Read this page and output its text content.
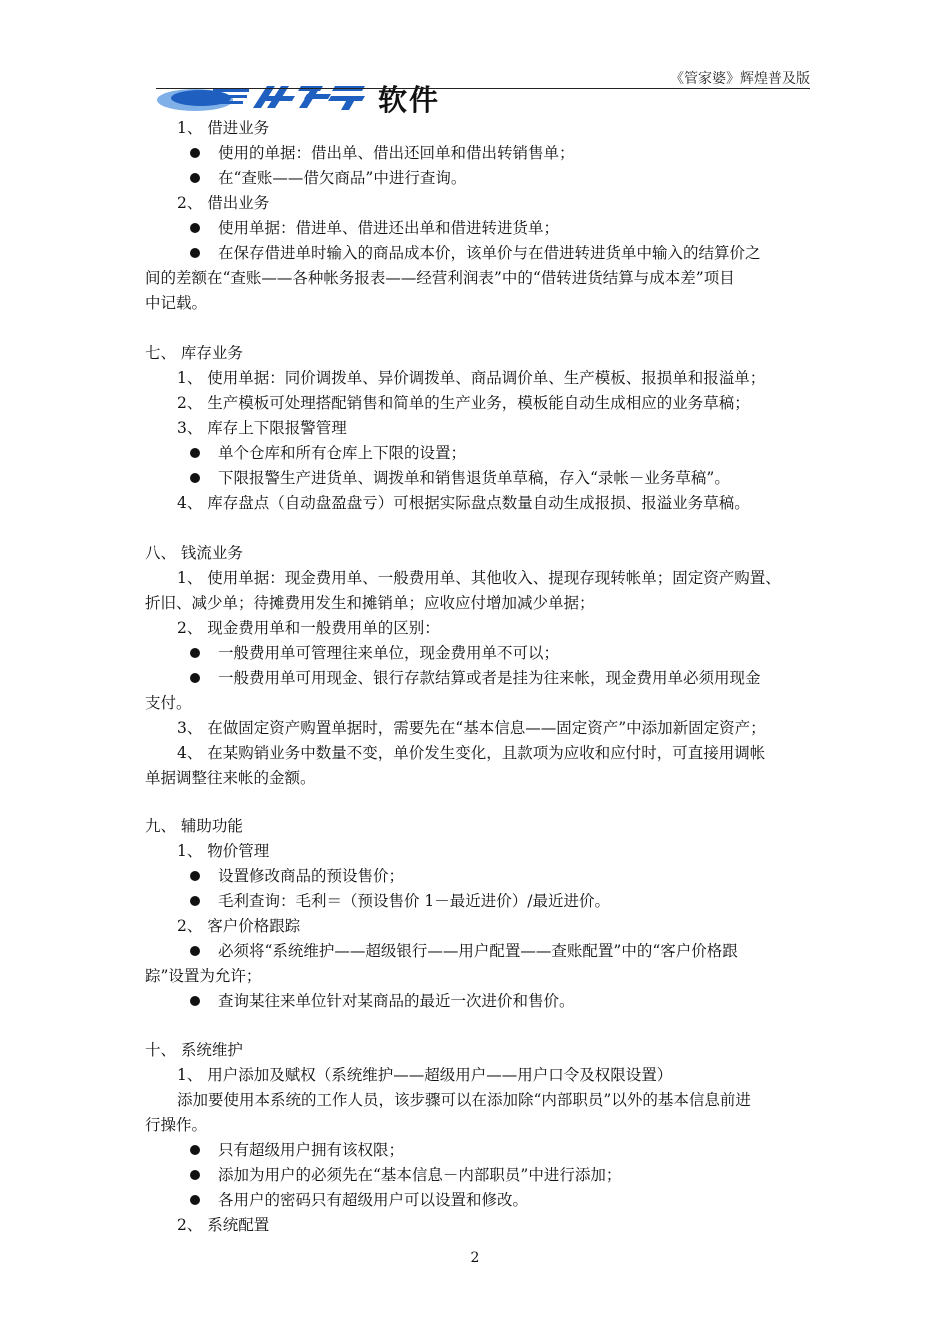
软件
《管家婆》辉煌普及版
1、 借进业务
使用的单据：借出单、借出还回单和借出转销售单；
在“查账——借欠商品”中进行查询。
2、 借出业务
使用单据：借进单、借进还出单和借进转进货单；
在保存借进单时输入的商品成本价，该单价与在借进转进货单中输入的结算价之
间的差额在“查账——各种帐务报表——经营利润表”中的“借转进货结算与成本差”项目
中记载。
七、 库存业务
1、 使用单据：同价调拨单、异价调拨单、商品调价单、生产模板、报损单和报溢单；
2、 生产模板可处理搭配销售和简单的生产业务，模板能自动生成相应的业务草稿；
3、 库存上下限报警管理
单个仓库和所有仓库上下限的设置；
下限报警生产进货单、调拨单和销售退货单草稿，存入“录帐－业务草稿”。
4、 库存盘点（自动盘盈盘亏）可根据实际盘点数量自动生成报损、报溢业务草稿。
八、 钱流业务
1、 使用单据：现金费用单、一般费用单、其他收入、提现存现转帐单；固定资产购置、
折旧、减少单；待摊费用发生和摊销单；应收应付增加减少单据；
2、 现金费用单和一般费用单的区别：
一般费用单可管理往来单位，现金费用单不可以；
一般费用单可用现金、银行存款结算或者是挂为往来帐，现金费用单必须用现金
支付。
3、 在做固定资产购置单据时，需要先在“基本信息——固定资产”中添加新固定资产；
4、 在某购销业务中数量不变，单价发生变化，且款项为应收和应付时，可直接用调帐
单据调整往来帐的金额。
九、 辅助功能
1、 物价管理
设置修改商品的预设售价；
毛利查询：毛利＝（预设售价 1－最近进价）/最近进价。
2、 客户价格跟踪
必须将“系统维护——超级银行——用户配置——查账配置”中的“客户价格跟
踪”设置为允许；
查询某往来单位针对某商品的最近一次进价和售价。
十、 系统维护
1、 用户添加及赋权（系统维护——超级用户——用户口令及权限设置）
添加要使用本系统的工作人员，该步骤可以在添加除“内部职员”以外的基本信息前进
行操作。
只有超级用户拥有该权限；
添加为用户的必须先在“基本信息－内部职员”中进行添加；
各用户的密码只有超级用户可以设置和修改。
2、 系统配置
2
